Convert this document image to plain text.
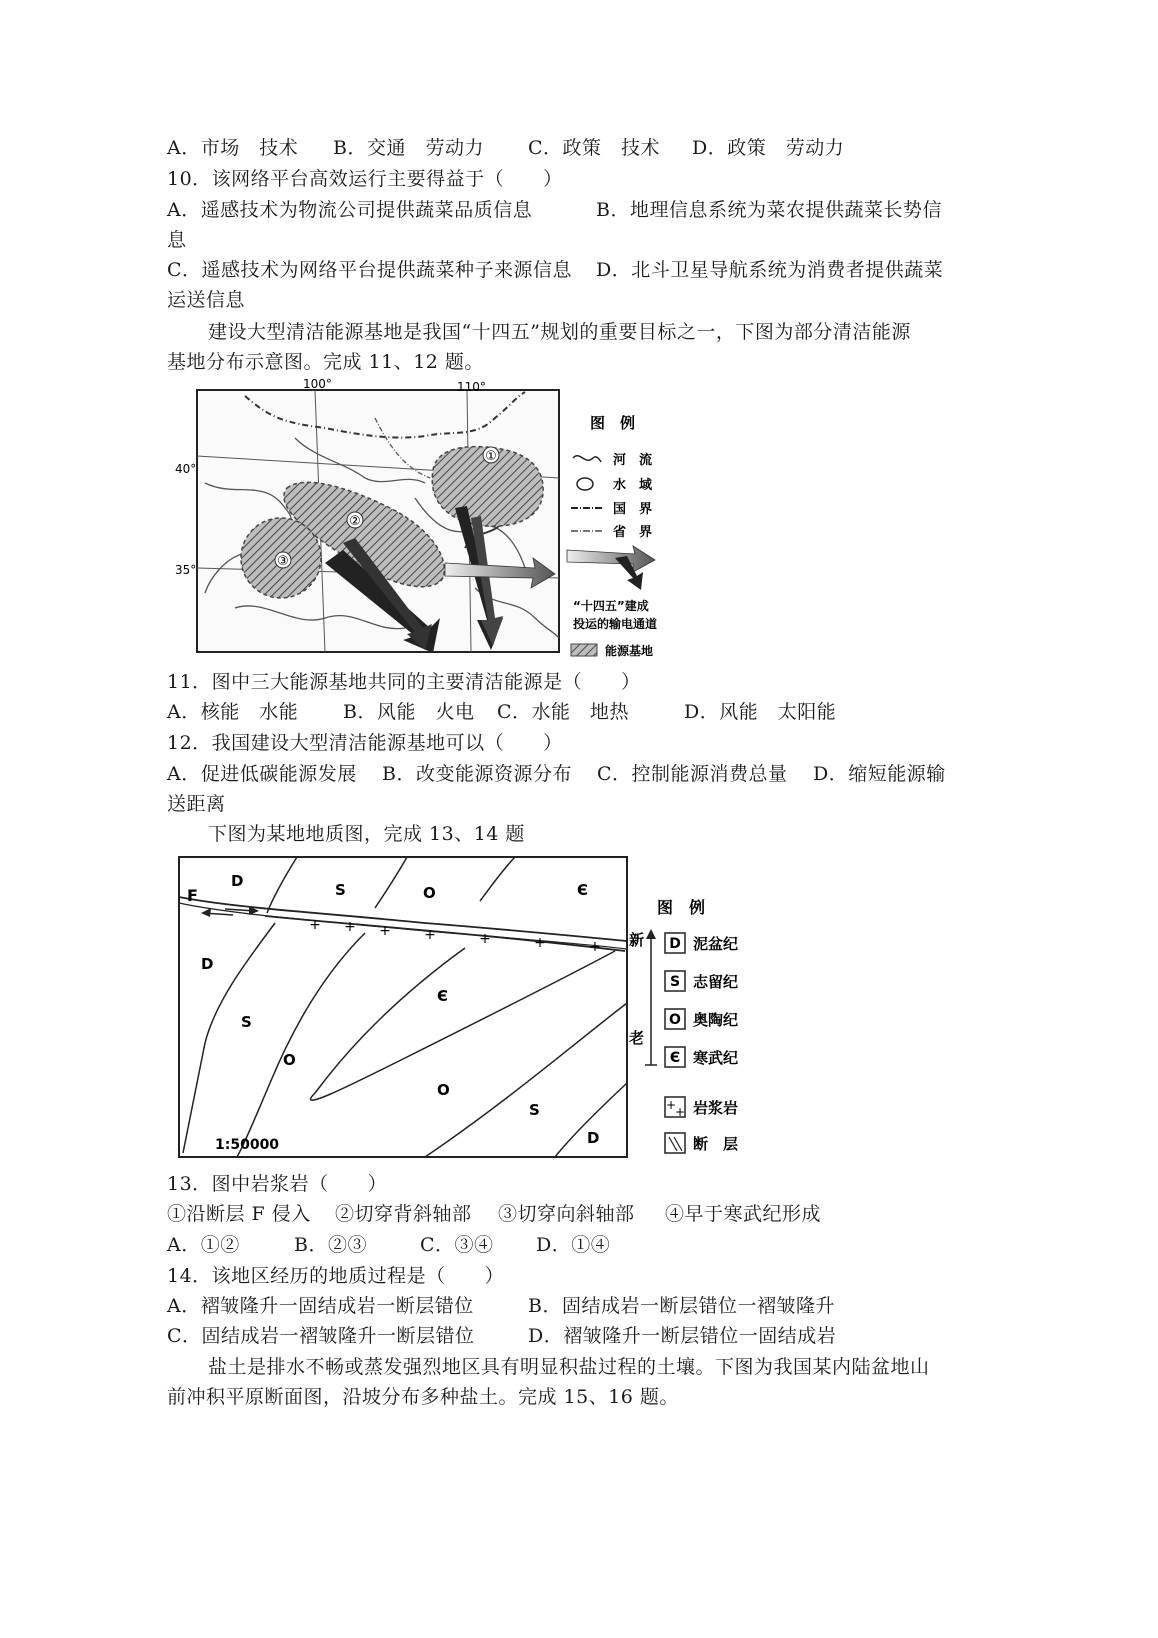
A．市场　技术 B．交通　劳动力 C．政策　技术 D．政策　劳动力
10．该网络平台高效运行主要得益于（　　）
A．遥感技术为物流公司提供蔬菜品质信息	B．地理信息系统为菜农提供蔬菜长势信
息
C．遥感技术为网络平台提供蔬菜种子来源信息 D．北斗卫星导航系统为消费者提供蔬菜
运送信息
建设大型清洁能源基地是我国“十四五”规划的重要目标之一，下图为部分清洁能源
基地分布示意图。完成 11、12 题。
①
②
③
100°	110°
40°
35°
图　例
河　流
水　域
国　界
省　界
“十四五”建成
投运的输电通道
能源基地
11．图中三大能源基地共同的主要清洁能源是（　　）
A．核能　水能 B．风能　火电 C．水能　地热	D．风能　太阳能
12．我国建设大型清洁能源基地可以（　　）
A．促进低碳能源发展 B．改变能源资源分布 C．控制能源消费总量 D．缩短能源输
送距离
下图为某地地质图，完成 13、14 题
+ + + +	+	+	+
F
D	S	O	Є
D
S
O
Є
O
S
D
1:50000
图　例
新
老
D 泥盆纪
S 志留纪
O 奥陶纪
Є 寒武纪
+
+ 岩浆岩
断　层
13．图中岩浆岩（　　）
①沿断层 F 侵入 ②切穿背斜轴部 ③切穿向斜轴部 ④早于寒武纪形成
A．①②	B．②③	C．③④ D．①④
14．该地区经历的地质过程是（　　）
A．褶皱隆升一固结成岩一断层错位	B．固结成岩一断层错位一褶皱隆升
C．固结成岩一褶皱隆升一断层错位	D．褶皱隆升一断层错位一固结成岩
盐土是排水不畅或蒸发强烈地区具有明显积盐过程的土壤。下图为我国某内陆盆地山
前冲积平原断面图，沿坡分布多种盐土。完成 15、16 题。
